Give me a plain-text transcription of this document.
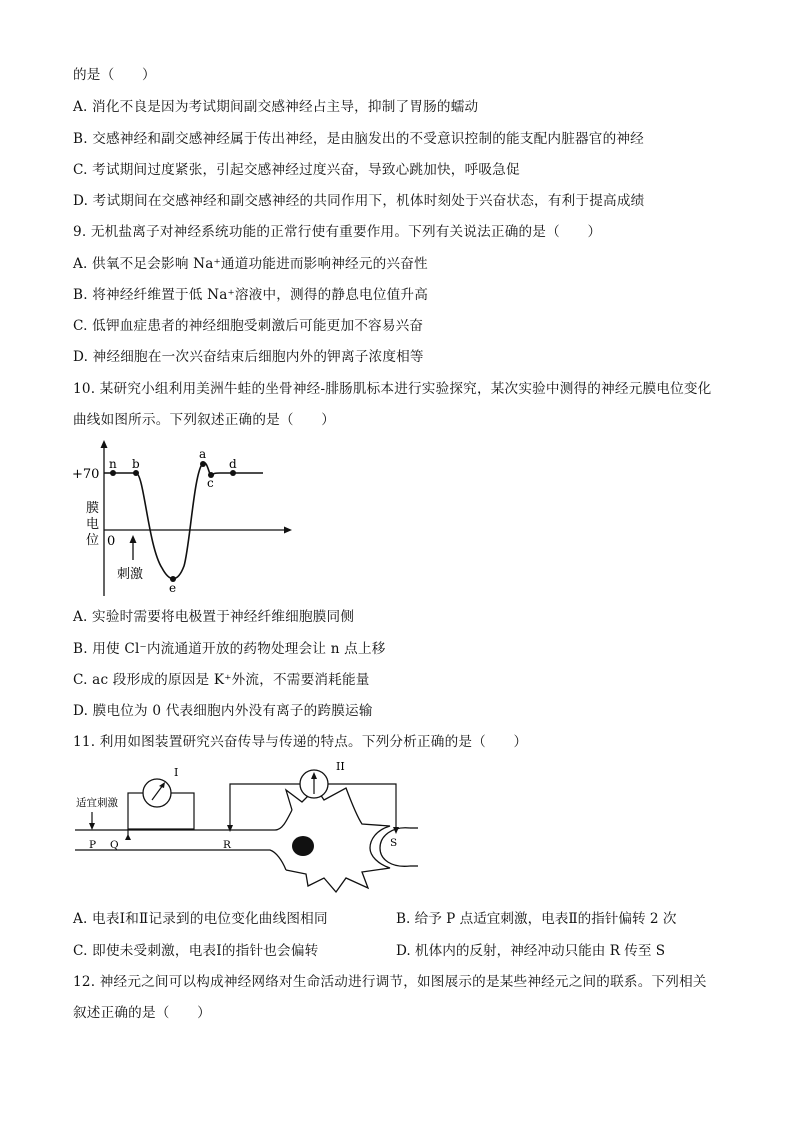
的是（　　）
A. 消化不良是因为考试期间副交感神经占主导，抑制了胃肠的蠕动
B. 交感神经和副交感神经属于传出神经，是由脑发出的不受意识控制的能支配内脏器官的神经
C. 考试期间过度紧张，引起交感神经过度兴奋，导致心跳加快，呼吸急促
D. 考试期间在交感神经和副交感神经的共同作用下，机体时刻处于兴奋状态，有利于提高成绩
9. 无机盐离子对神经系统功能的正常行使有重要作用。下列有关说法正确的是（　　）
A. 供氧不足会影响 Na⁺通道功能进而影响神经元的兴奋性
B. 将神经纤维置于低 Na⁺溶液中，测得的静息电位值升高
C. 低钾血症患者的神经细胞受刺激后可能更加不容易兴奋
D. 神经细胞在一次兴奋结束后细胞内外的钾离子浓度相等
10. 某研究小组利用美洲牛蛙的坐骨神经-腓肠肌标本进行实验探究，某次实验中测得的神经元膜电位变化
曲线如图所示。下列叙述正确的是（　　）
+70
0
膜
电
位
n b
a
c
d
e
刺激
A. 实验时需要将电极置于神经纤维细胞膜同侧
B. 用使 Cl⁻内流通道开放的药物处理会让 n 点上移
C. ac 段形成的原因是 K⁺外流，不需要消耗能量
D. 膜电位为 0 代表细胞内外没有离子的跨膜运输
11. 利用如图装置研究兴奋传导与传递的特点。下列分析正确的是（　　）
I	II
适宜刺激
P Q	R	S
A. 电表Ⅰ和Ⅱ记录到的电位变化曲线图相同	B. 给予 P 点适宜刺激，电表Ⅱ的指针偏转 2 次
C. 即使未受刺激，电表Ⅰ的指针也会偏转	D. 机体内的反射，神经冲动只能由 R 传至 S
12. 神经元之间可以构成神经网络对生命活动进行调节，如图展示的是某些神经元之间的联系。下列相关
叙述正确的是（　　）
